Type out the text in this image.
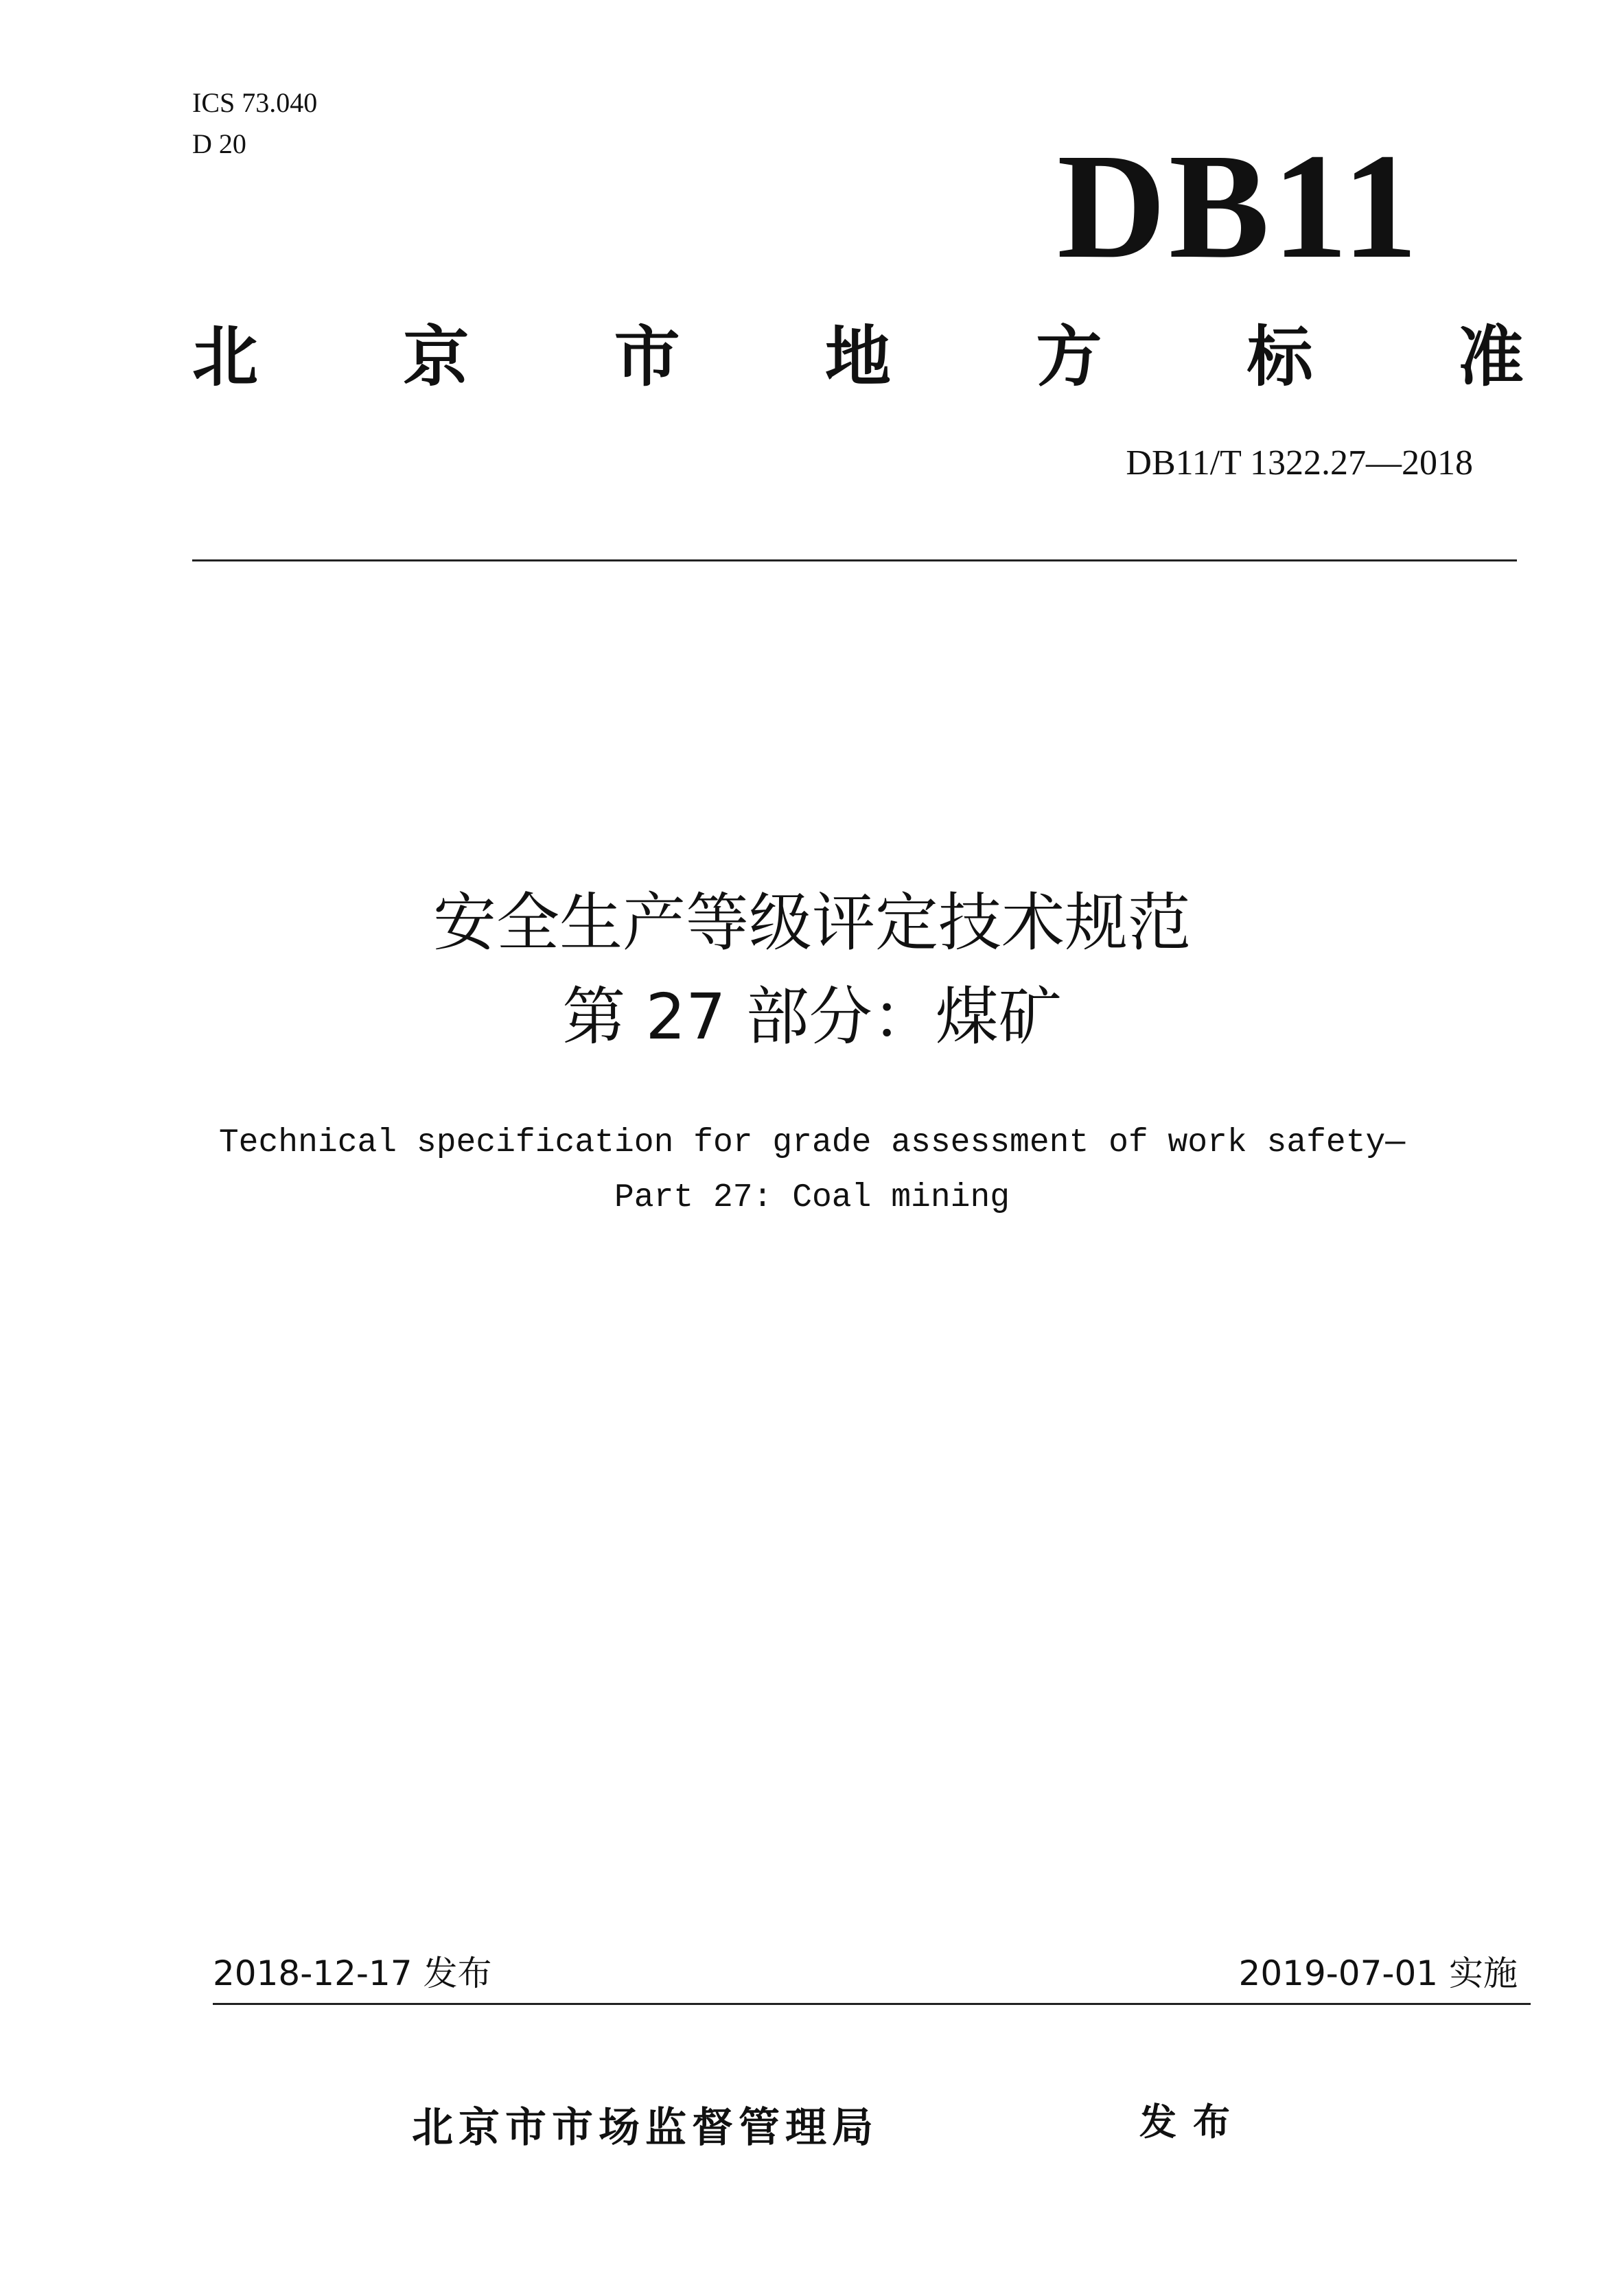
ICS 73.040
D 20	DB11
北 京 市 地 方 标 准
DB11/T 1322.27—2018
安全生产等级评定技术规范
第 27 部分：煤矿
Technical specification for grade assessment of work safety—
Part 27: Coal mining
2018-12-17 发布	2019-07-01 实施
北京市市场监督管理局	发布
